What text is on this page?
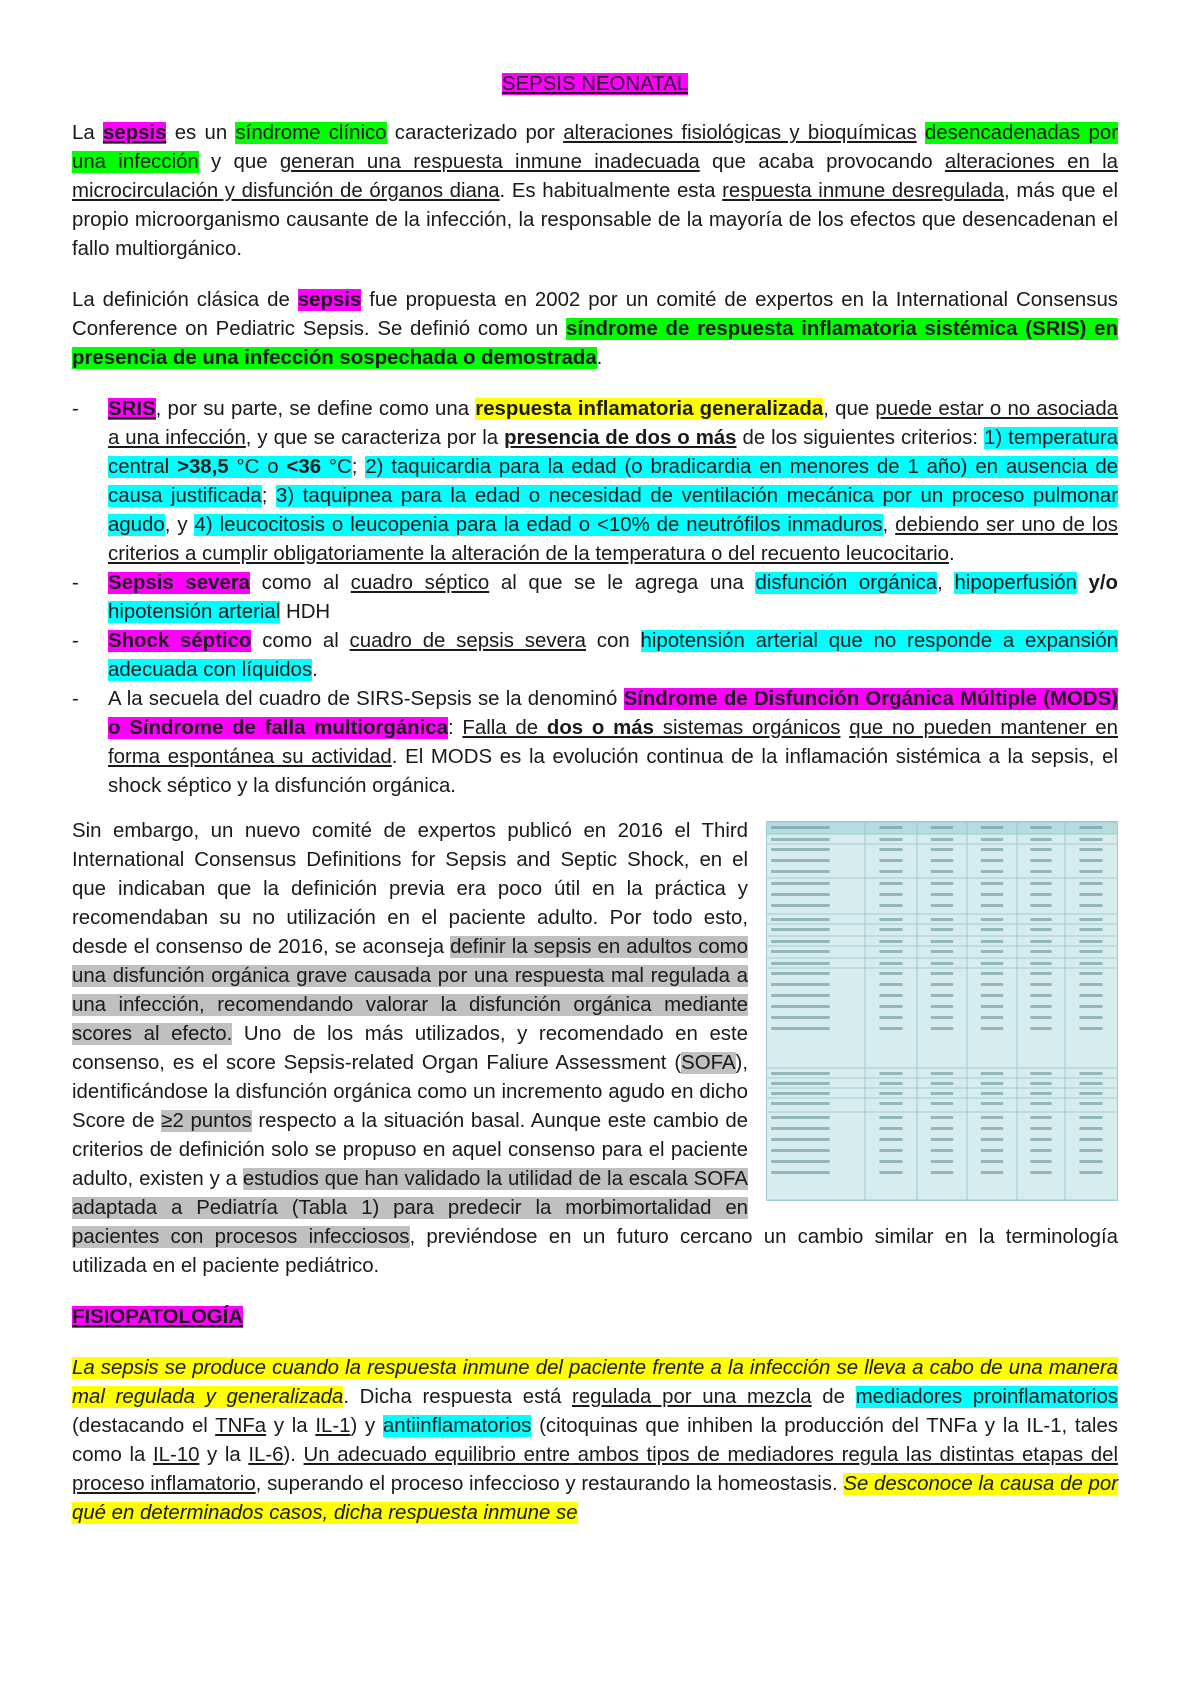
SEPSIS NEONATAL

La sepsis es un síndrome clínico caracterizado por alteraciones fisiológicas y bioquímicas desencadenadas por una infección y que generan una respuesta inmune inadecuada que acaba provocando alteraciones en la microcirculación y disfunción de órganos diana. Es habitualmente esta respuesta inmune desregulada, más que el propio microorganismo causante de la infección, la responsable de la mayoría de los efectos que desencadenan el fallo multiorgánico.

La definición clásica de sepsis fue propuesta en 2002 por un comité de expertos en la International Consensus Conference on Pediatric Sepsis. Se definió como un síndrome de respuesta inflamatoria sistémica (SRIS) en presencia de una infección sospechada o demostrada.

- SRIS, por su parte, se define como una respuesta inflamatoria generalizada, que puede estar o no asociada a una infección, y que se caracteriza por la presencia de dos o más de los siguientes criterios: 1) temperatura central >38,5 °C o <36 °C; 2) taquicardia para la edad (o bradicardia en menores de 1 año) en ausencia de causa justificada; 3) taquipnea para la edad o necesidad de ventilación mecánica por un proceso pulmonar agudo, y 4) leucocitosis o leucopenia para la edad o <10% de neutrófilos inmaduros, debiendo ser uno de los criterios a cumplir obligatoriamente la alteración de la temperatura o del recuento leucocitario.
- Sepsis severa como al cuadro séptico al que se le agrega una disfunción orgánica, hipoperfusión y/o hipotensión arterial HDH
- Shock séptico como al cuadro de sepsis severa con hipotensión arterial que no responde a expansión adecuada con líquidos.
- A la secuela del cuadro de SIRS-Sepsis se la denominó Síndrome de Disfunción Orgánica Múltiple (MODS) o Síndrome de falla multiorgánica: Falla de dos o más sistemas orgánicos que no pueden mantener en forma espontánea su actividad. El MODS es la evolución continua de la inflamación sistémica a la sepsis, el shock séptico y la disfunción orgánica.

Sin embargo, un nuevo comité de expertos publicó en 2016 el Third International Consensus Definitions for Sepsis and Septic Shock, en el que indicaban que la definición previa era poco útil en la práctica y recomendaban su no utilización en el paciente adulto. Por todo esto, desde el consenso de 2016, se aconseja definir la sepsis en adultos como una disfunción orgánica grave causada por una respuesta mal regulada a una infección, recomendando valorar la disfunción orgánica mediante scores al efecto. Uno de los más utilizados, y recomendado en este consenso, es el score Sepsis-related Organ Faliure Assessment (SOFA), identificándose la disfunción orgánica como un incremento agudo en dicho Score de ≥2 puntos respecto a la situación basal. Aunque este cambio de criterios de definición solo se propuso en aquel consenso para el paciente adulto, existen y a estudios que han validado la utilidad de la escala SOFA adaptada a Pediatría (Tabla 1) para predecir la morbimortalidad en pacientes con procesos infecciosos, previéndose en un futuro cercano un cambio similar en la terminología utilizada en el paciente pediátrico.

FISIOPATOLOGÍA

La sepsis se produce cuando la respuesta inmune del paciente frente a la infección se lleva a cabo de una manera mal regulada y generalizada. Dicha respuesta está regulada por una mezcla de mediadores proinflamatorios (destacando el TNFa y la IL-1) y antiinflamatorios (citoquinas que inhiben la producción del TNFa y la IL-1, tales como la IL-10 y la IL-6). Un adecuado equilibrio entre ambos tipos de mediadores regula las distintas etapas del proceso inflamatorio, superando el proceso infeccioso y restaurando la homeostasis. Se desconoce la causa de por qué en determinados casos, dicha respuesta inmune se
